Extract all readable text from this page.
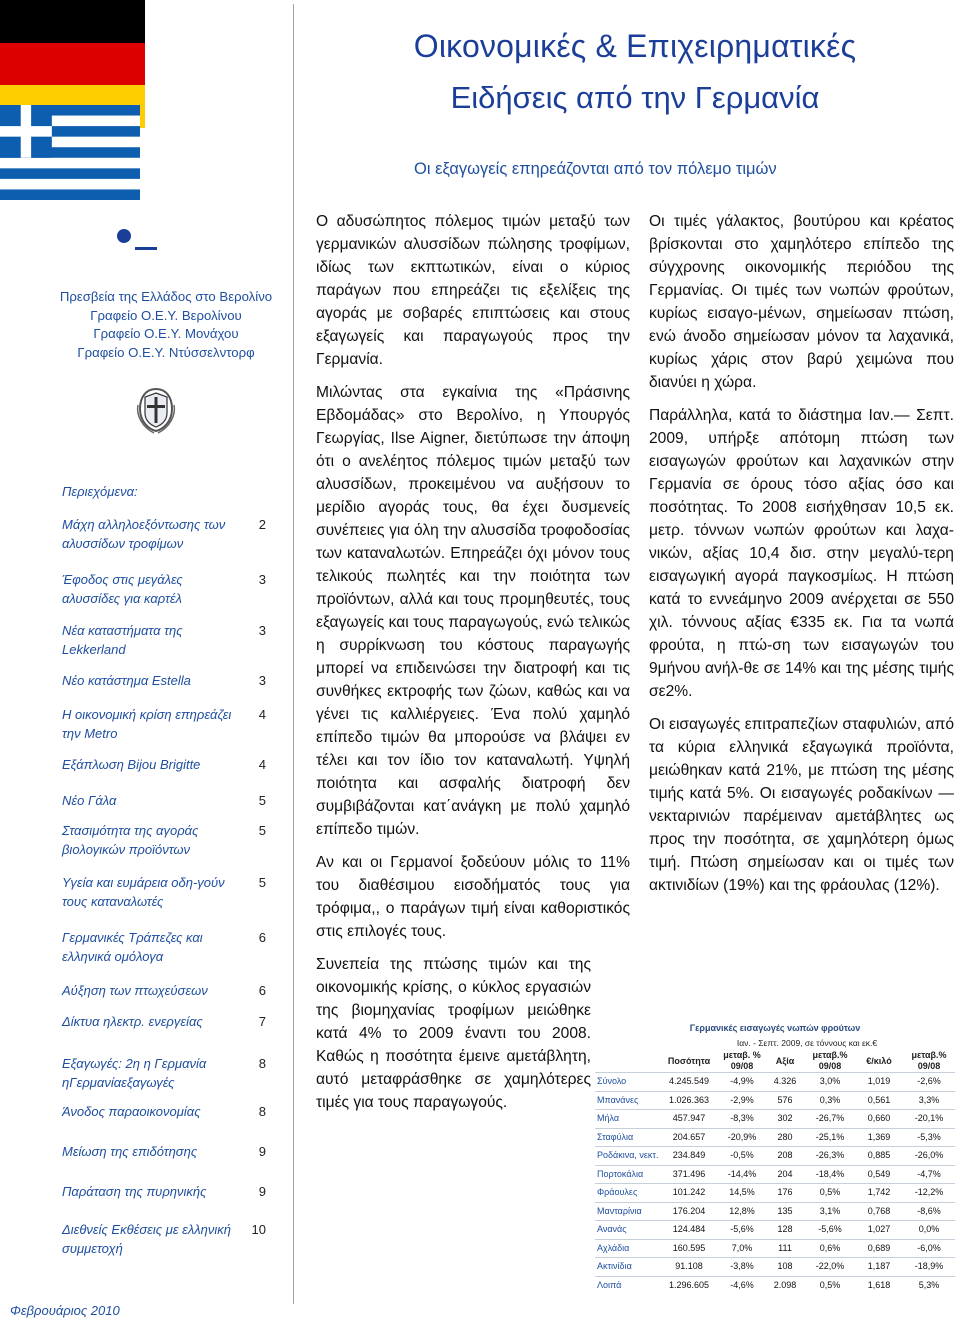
Πρεσβεία της Ελλάδος στο Βερολίνο
Γραφείο Ο.Ε.Υ. Βερολίνου
Γραφείο Ο.Ε.Υ. Μονάχου
Γραφείο Ο.Ε.Υ. Ντύσσελντορφ
Περιεχόμενα:
Μάχη αλληλοεξόντωσης των αλυσσίδων τροφίμων
2
Έφοδος στις μεγάλες αλυσσίδες για καρτέλ
3
Νέα καταστήματα της Lekkerland
3
Νέο κατάστημα Estella	3
Η οικονομική κρίση επηρεάζει την Metro
4
Εξάπλωση Bijou Brigitte	4
Νέο Γάλα	5
Στασιμότητα της αγοράς βιολογικών προϊόντων
5
Υγεία και ευμάρεια οδη-γούν τους καταναλωτές
5
Γερμανικές Τράπεζες και ελληνικά ομόλογα
6
Αύξηση των πτωχεύσεων	6
Δίκτυα ηλεκτρ. ενεργείας	7
Εξαγωγές: 2η η Γερμανία ηΓερμανίαεξαγωγές
8
Άνοδος παραοικονομίας	8
Μείωση της επιδότησης	9
Παράταση της πυρηνικής	9
Διεθνείς Εκθέσεις με ελληνική συμμετοχή
10
Φεβρουάριος 2010
Οικονομικές & Επιχειρηματικές
Ειδήσεις από την Γερμανία
Οι εξαγωγείς επηρεάζονται από τον πόλεμο τιμών

Ο αδυσώπητος πόλεμος τιμών μεταξύ των γερμανικών αλυσσίδων πώλησης τροφίμων, ιδίως των εκπτωτικών, είναι ο κύριος παράγων που επηρεάζει τις εξελίξεις της αγοράς με σοβαρές επιπτώσεις και στους εξαγωγείς και παραγωγούς προς την Γερμανία.

Μιλώντας στα εγκαίνια της «Πράσινης Εβδομάδας» στο Βερολίνο, η Υπουργός Γεωργίας, Ilse Aigner, διετύπωσε την άποψη ότι ο ανελέητος πόλεμος τιμών μεταξύ των αλυσσίδων, προκειμένου να αυξήσουν το μερίδιο αγοράς τους, θα έχει δυσμενείς συνέπειες για όλη την αλυσσίδα τροφοδοσίας των καταναλωτών. Επηρεάζει όχι μόνον τους τελικούς πωλητές και την ποιότητα των προϊόντων, αλλά και τους προμηθευτές, τους εξαγωγείς και τους παραγωγούς, ενώ τελικώς η συρρίκνωση του κόστους παραγωγής μπορεί να επιδεινώσει την διατροφή και τις συνθήκες εκτροφής των ζώων, καθώς και να γένει τις καλλιέργειες. Ένα πολύ χαμηλό επίπεδο τιμών θα μπορούσε να βλάψει εν τέλει και τον ίδιο τον καταναλωτή. Υψηλή ποιότητα και ασφαλής διατροφή δεν συμβιβάζονται κατ΄ανάγκη με πολύ χαμηλό επίπεδο τιμών.

Αν και οι Γερμανοί ξοδεύουν μόλις το 11% του διαθέσιμου εισοδήματός τους για τρόφιμα,, ο παράγων τιμή είναι καθοριστικός στις επιλογές τους.

Συνεπεία της πτώσης τιμών και της οικονομικής κρίσης, ο κύκλος εργασιών της βιομηχανίας τροφίμων μειώθηκε κατά 4% το 2009 έναντι του 2008. Καθώς η ποσότητα έμεινε αμετάβλητη, αυτό μεταφράσθηκε σε χαμηλότερες τιμές για τους παραγωγούς.

Οι τιμές γάλακτος, βουτύρου και κρέατος βρίσκονται στο χαμηλότερο επίπεδο της σύγχρονης οικονομικής περιόδου της Γερμανίας. Οι τιμές των νωπών φρούτων, κυρίως εισαγο-μένων, σημείωσαν πτώση, ενώ άνοδο σημείωσαν μόνον τα λαχανικά, κυρίως χάρις στον βαρύ χειμώνα που διανύει η χώρα.

Παράλληλα, κατά το διάστημα Ιαν.— Σεπτ. 2009, υπήρξε απότομη πτώση των εισαγωγών φρούτων και λαχανικών στην Γερμανία σε όρους τόσο αξίας όσο και ποσότητας. Το 2008 εισήχθησαν 10,5 εκ. μετρ. τόννων νωπών φρούτων και λαχα-νικών, αξίας 10,4 δισ. στην μεγαλύ-τερη εισαγωγική αγορά παγκοσμίως. Η πτώση κατά το εννεάμηνο 2009 ανέρχεται σε 550 χιλ. τόννους αξίας €335 εκ. Για τα νωπά φρούτα, η πτώ-ση των εισαγωγών του 9μήνου ανήλ-θε σε 14% και της μέσης τιμής σε2%.

Οι εισαγωγές επιτραπεζίων σταφυλιών, από τα κύρια ελληνικά εξαγωγικά προϊόντα, μειώθηκαν κατά 21%, με πτώση της μέσης τιμής κατά 5%. Οι εισαγωγές ροδακίνων — νεκταρινιών παρέμειναν αμετάβλητες ως προς την ποσότητα, σε χαμηλότερη όμως τιμή. Πτώση σημείωσαν και οι τιμές των ακτινιδίων (19%) και της φράουλας (12%).

Γερμανικές εισαγωγές νωπών φρούτων
	Ιαν. - Σεπτ. 2009, σε τόννους και εκ.€					
	Ποσότητα	μεταβ. % 09/08	Αξία	μεταβ.% 09/08	€/κιλό	μεταβ.% 09/08
Σύνολο	4.245.549	-4,9%	4.326	3,0%	1,019	-2,6%
Μπανάνες	1.026.363	-2,9%	576	0,3%	0,561	3,3%
Μήλα	457.947	-8,3%	302	-26,7%	0,660	-20,1%
Σταφύλια	204.657	-20,9%	280	-25,1%	1,369	-5,3%
Ροδάκινα, νεκτ.	234.849	-0,5%	208	-26,3%	0,885	-26,0%
Πορτοκάλια	371.496	-14,4%	204	-18,4%	0,549	-4,7%
Φράουλες	101.242	14,5%	176	0,5%	1,742	-12,2%
Μανταρίνια	176.204	12,8%	135	3,1%	0,768	-8,6%
Ανανάς	124.484	-5,6%	128	-5,6%	1,027	0,0%
Αχλάδια	160.595	7,0%	111	0,6%	0,689	-6,0%
Ακτινίδια	91.108	-3,8%	108	-22,0%	1,187	-18,9%
Λοιπά	1.296.605	-4,6%	2.098	0,5%	1,618	5,3%
